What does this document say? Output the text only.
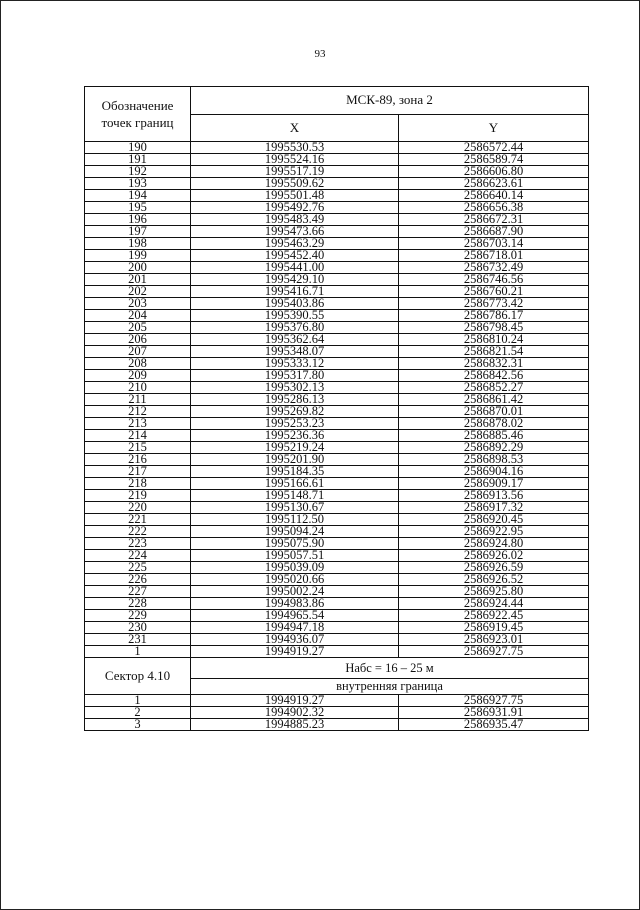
93
Обозначение
точек границ	МСК-89, зона 2	
	X	Y
190	1995530.53	2586572.44
191	1995524.16	2586589.74
192	1995517.19	2586606.80
193	1995509.62	2586623.61
194	1995501.48	2586640.14
195	1995492.76	2586656.38
196	1995483.49	2586672.31
197	1995473.66	2586687.90
198	1995463.29	2586703.14
199	1995452.40	2586718.01
200	1995441.00	2586732.49
201	1995429.10	2586746.56
202	1995416.71	2586760.21
203	1995403.86	2586773.42
204	1995390.55	2586786.17
205	1995376.80	2586798.45
206	1995362.64	2586810.24
207	1995348.07	2586821.54
208	1995333.12	2586832.31
209	1995317.80	2586842.56
210	1995302.13	2586852.27
211	1995286.13	2586861.42
212	1995269.82	2586870.01
213	1995253.23	2586878.02
214	1995236.36	2586885.46
215	1995219.24	2586892.29
216	1995201.90	2586898.53
217	1995184.35	2586904.16
218	1995166.61	2586909.17
219	1995148.71	2586913.56
220	1995130.67	2586917.32
221	1995112.50	2586920.45
222	1995094.24	2586922.95
223	1995075.90	2586924.80
224	1995057.51	2586926.02
225	1995039.09	2586926.59
226	1995020.66	2586926.52
227	1995002.24	2586925.80
228	1994983.86	2586924.44
229	1994965.54	2586922.45
230	1994947.18	2586919.45
231	1994936.07	2586923.01
1	1994919.27	2586927.75
Сектор 4.10	Набс = 16 – 25 м	
	внутренняя граница	
1	1994919.27	2586927.75
2	1994902.32	2586931.91
3	1994885.23	2586935.47
